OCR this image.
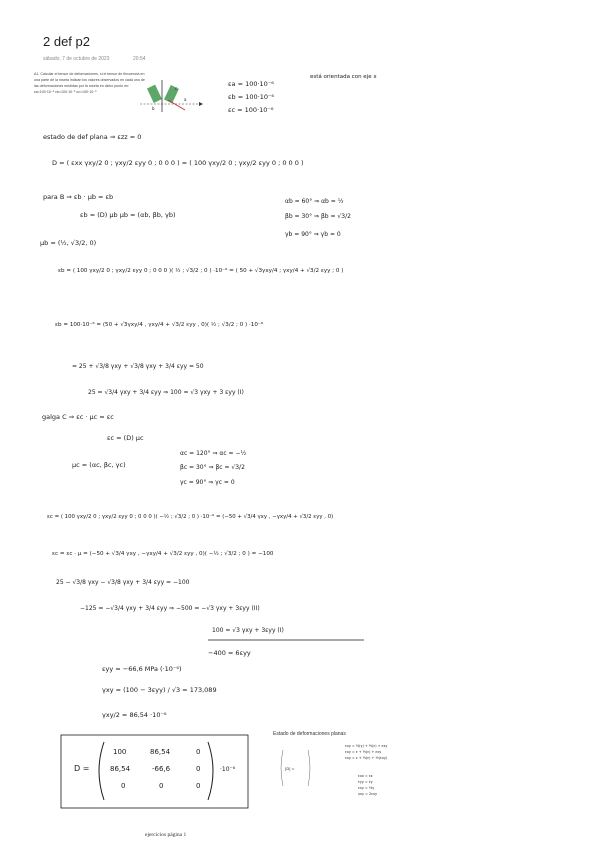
2 def p2
sábado, 7 de octubre de 2023	20:54
A1. Calcular el tensor de deformaciones, si el tensor de fiecuencia en una parte de la roseta indican los valores observados en cada uno de las deformaciones medidas por la roseta en dicho punto en:
εa=100·10⁻⁶ εb=100·10⁻⁶ εc=100·10⁻⁶
b
c
a
εa = 100·10⁻⁶
εb = 100·10⁻⁶
εc = 100·10⁻⁶
está orientada con eje x
estado de def plana ⇒ εzz = 0
D = ( εxx γxy/2 0 ; γxy/2 εyy 0 ; 0 0 0 ) = ( 100 γxy/2 0 ; γxy/2 εyy 0 ; 0 0 0 )
para B ⇒ εb · μb = εb
εb = (D) μb μb = (αb, βb, γb)
αb = 60° ⇒ αb = ½
βb = 30° ⇒ βb = √3/2
γb = 90° ⇒ γb = 0
μb = (½, √3/2, 0)
εb = ( 100 γxy/2 0 ; γxy/2 εyy 0 ; 0 0 0 )( ½ ; √3/2 ; 0 ) ·10⁻⁶ = ( 50 + √3γxy/4 ; γxy/4 + √3/2 εyy ; 0 )
εb = 100·10⁻⁶ = (50 + √3γxy/4 , γxy/4 + √3/2 εyy , 0)( ½ ; √3/2 ; 0 ) ·10⁻⁶
= 25 + √3/8 γxy + √3/8 γxy + 3/4 εyy = 50
25 = √3/4 γxy + 3/4 εyy ⇒ 100 = √3 γxy + 3 εyy (I)
galga C ⇒ εc · μc = εc
εc = (D) μc
μc = (αc, βc, γc)
αc = 120° ⇒ αc = −½
βc = 30° ⇒ βc = √3/2
γc = 90° ⇒ γc = 0
εc = ( 100 γxy/2 0 ; γxy/2 εyy 0 ; 0 0 0 )( −½ ; √3/2 ; 0 ) ·10⁻⁶ = (−50 + √3/4 γxy , −γxy/4 + √3/2 εyy , 0)
εc = εc · μ = (−50 + √3/4 γxy , −γxy/4 + √3/2 εyy , 0)( −½ ; √3/2 ; 0 ) = −100
25 − √3/8 γxy − √3/8 γxy + 3/4 εyy = −100
−125 = −√3/4 γxy + 3/4 εyy ⇒ −500 = −√3 γxy + 3εyy (II)
100 = √3 γxy + 3εyy (I)
−400 = 6εyy
εyy = −66,6 MPa (·10⁻⁶)
γxy = (100 − 3εyy) / √3 = 173,089
γxy/2 = 86,54 ·10⁻⁶
D =
100	86,54	0
86,54	-66,6	0
0	0	0
·10⁻⁶	[D] =
εxy = ½(γ) + ½(ε) + εxy
εxy = ε + ½(ε) + εxy
εxy = ε + ½(ε) + ½(εxy)
εxx = εx
εyy = εy
εxy = ½γ
γxy = 2εxy
Estado de deformaciones planas
ejercicios página 1
